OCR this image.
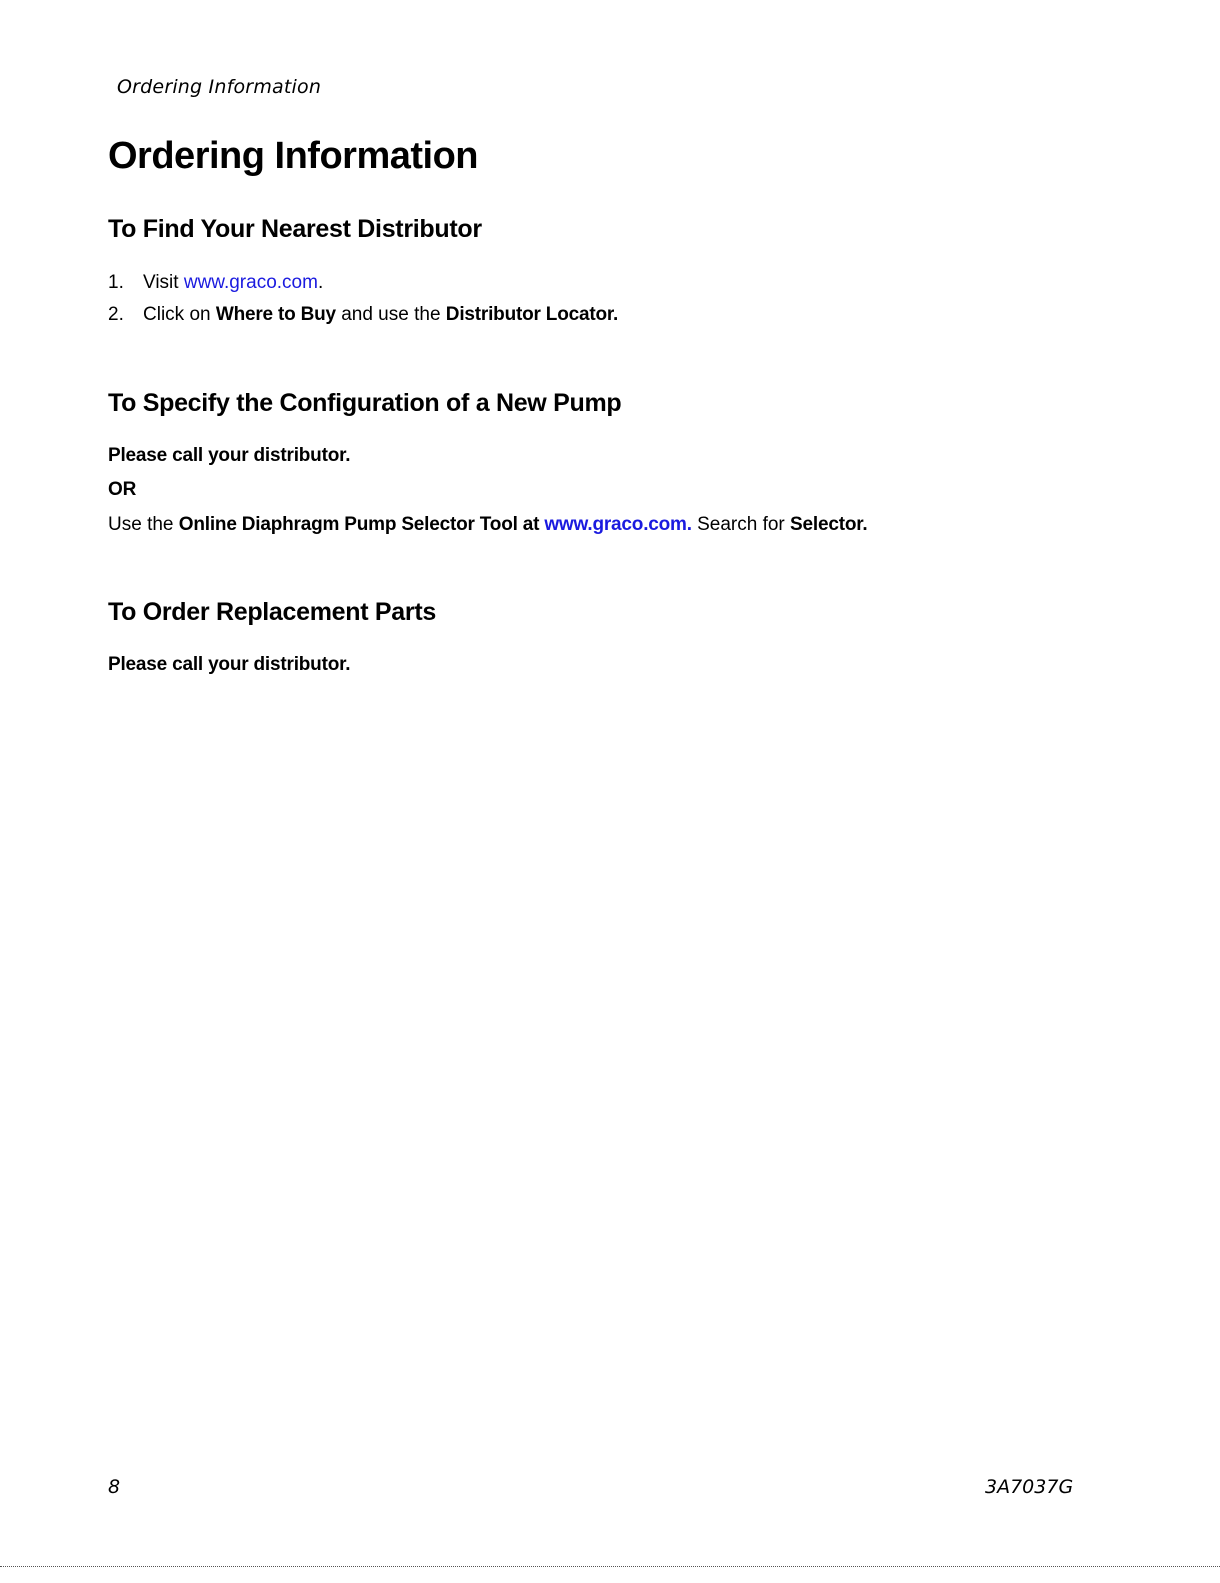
Ordering Information
Ordering Information
To Find Your Nearest Distributor
1. Visit www.graco.com.
2. Click on Where to Buy and use the Distributor Locator.
To Specify the Configuration of a New Pump
Please call your distributor.
OR
Use the Online Diaphragm Pump Selector Tool at www.graco.com. Search for Selector.
To Order Replacement Parts
Please call your distributor.
8	3A7037G
